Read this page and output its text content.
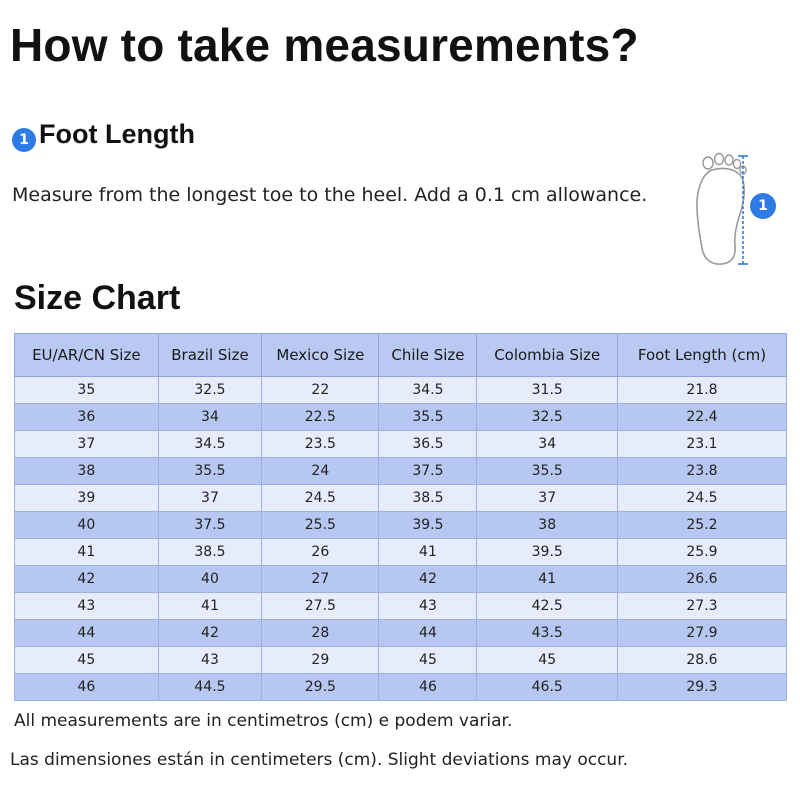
How to take measurements?
1 Foot Length
Measure from the longest toe to the heel. Add a 0.1 cm allowance.	1
Size Chart
EU/AR/CN Size	Brazil Size	Mexico Size	Chile Size	Colombia Size	Foot Length (cm)
35	32.5	22	34.5	31.5	21.8
36	34	22.5	35.5	32.5	22.4
37	34.5	23.5	36.5	34	23.1
38	35.5	24	37.5	35.5	23.8
39	37	24.5	38.5	37	24.5
40	37.5	25.5	39.5	38	25.2
41	38.5	26	41	39.5	25.9
42	40	27	42	41	26.6
43	41	27.5	43	42.5	27.3
44	42	28	44	43.5	27.9
45	43	29	45	45	28.6
46	44.5	29.5	46	46.5	29.3
All measurements are in centimetros (cm) e podem variar.
Las dimensiones están in centimeters (cm). Slight deviations may occur.
